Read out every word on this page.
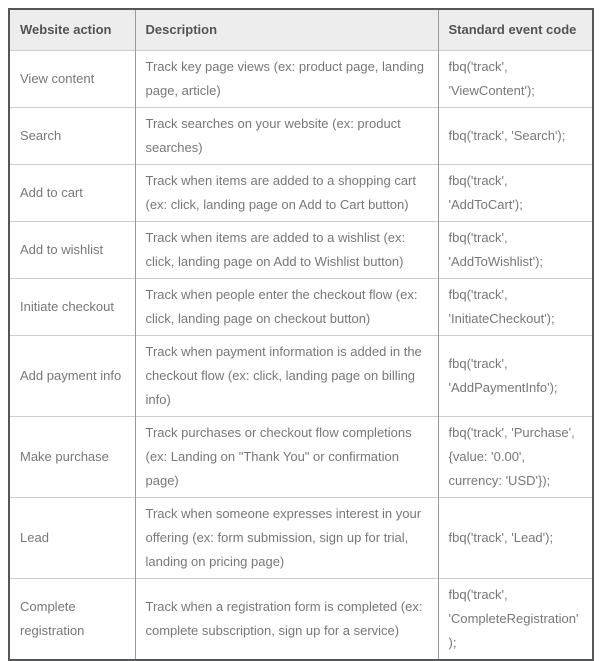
Website action	Description	Standard event code
View content	Track key page views (ex: product page, landing page, article)	fbq('track', 'ViewContent');
Search	Track searches on your website (ex: product searches)	fbq('track', 'Search');
Add to cart	Track when items are added to a shopping cart (ex: click, landing page on Add to Cart button)	fbq('track', 'AddToCart');
Add to wishlist	Track when items are added to a wishlist (ex: click, landing page on Add to Wishlist button)	fbq('track', 'AddToWishlist');
Initiate checkout	Track when people enter the checkout flow (ex: click, landing page on checkout button)	fbq('track', 'InitiateCheckout');
Add payment info	Track when payment information is added in the checkout flow (ex: click, landing page on billing info)	fbq('track', 'AddPaymentInfo');
Make purchase	Track purchases or checkout flow completions (ex: Landing on "Thank You" or confirmation page)	fbq('track', 'Purchase', {value: '0.00', currency: 'USD'});
Lead	Track when someone expresses interest in your offering (ex: form submission, sign up for trial, landing on pricing page)	fbq('track', 'Lead');
Complete registration	Track when a registration form is completed (ex: complete subscription, sign up for a service)	fbq('track', 'CompleteRegistration');
